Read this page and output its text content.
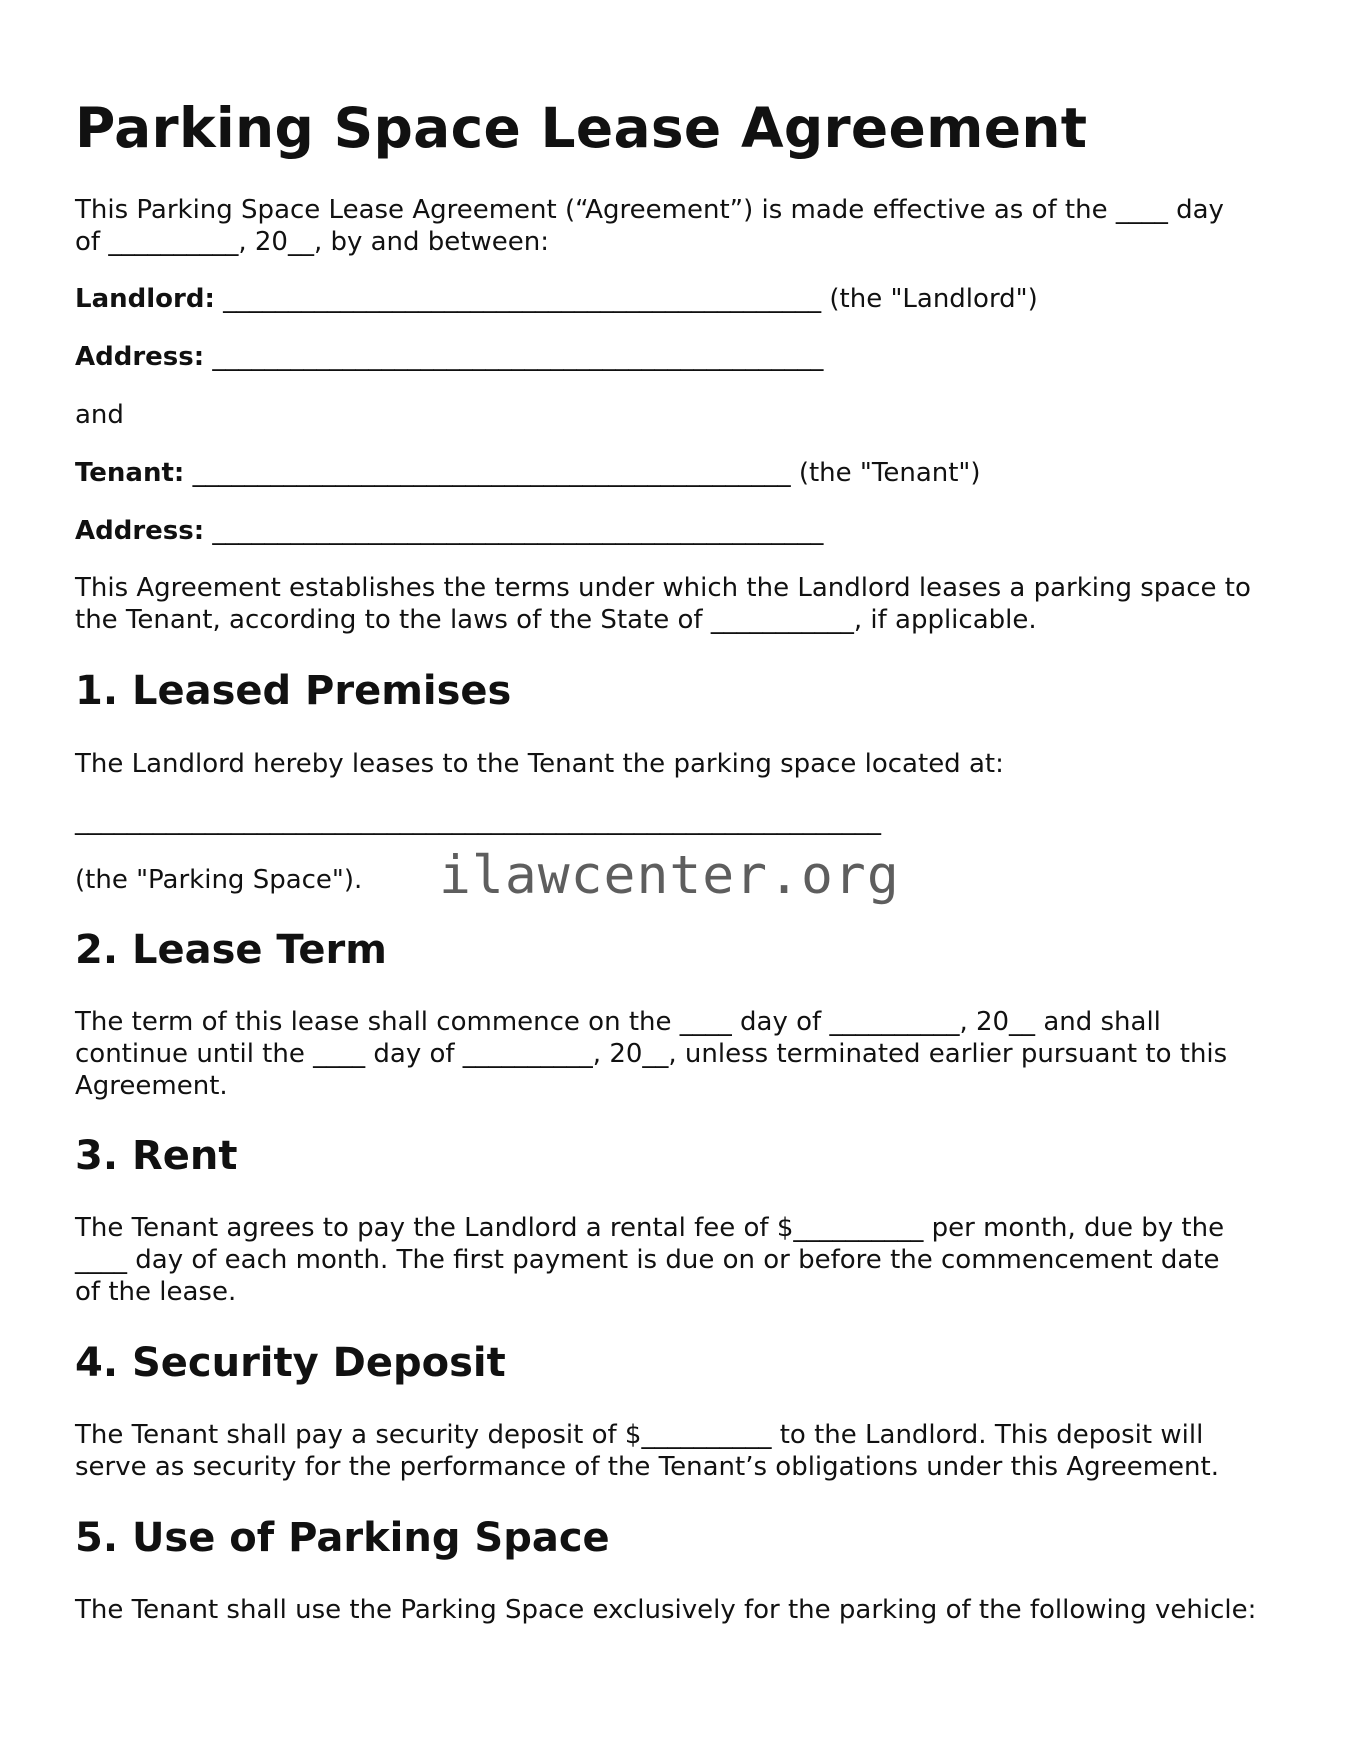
Parking Space Lease Agreement
This Parking Space Lease Agreement (“Agreement”) is made effective as of the ____ day
of __________, 20__, by and between:
Landlord: ______________________________________________ (the "Landlord")
Address: _______________________________________________
and
Tenant: ______________________________________________ (the "Tenant")
Address: _______________________________________________
This Agreement establishes the terms under which the Landlord leases a parking space to
the Tenant, according to the laws of the State of ___________, if applicable.
1. Leased Premises
The Landlord hereby leases to the Tenant the parking space located at:
______________________________________________________________
(the "Parking Space"). ilawcenter.org
2. Lease Term
The term of this lease shall commence on the ____ day of __________, 20__ and shall
continue until the ____ day of __________, 20__, unless terminated earlier pursuant to this
Agreement.
3. Rent
The Tenant agrees to pay the Landlord a rental fee of $__________ per month, due by the
____ day of each month. The first payment is due on or before the commencement date
of the lease.
4. Security Deposit
The Tenant shall pay a security deposit of $__________ to the Landlord. This deposit will
serve as security for the performance of the Tenant’s obligations under this Agreement.
5. Use of Parking Space
The Tenant shall use the Parking Space exclusively for the parking of the following vehicle:
